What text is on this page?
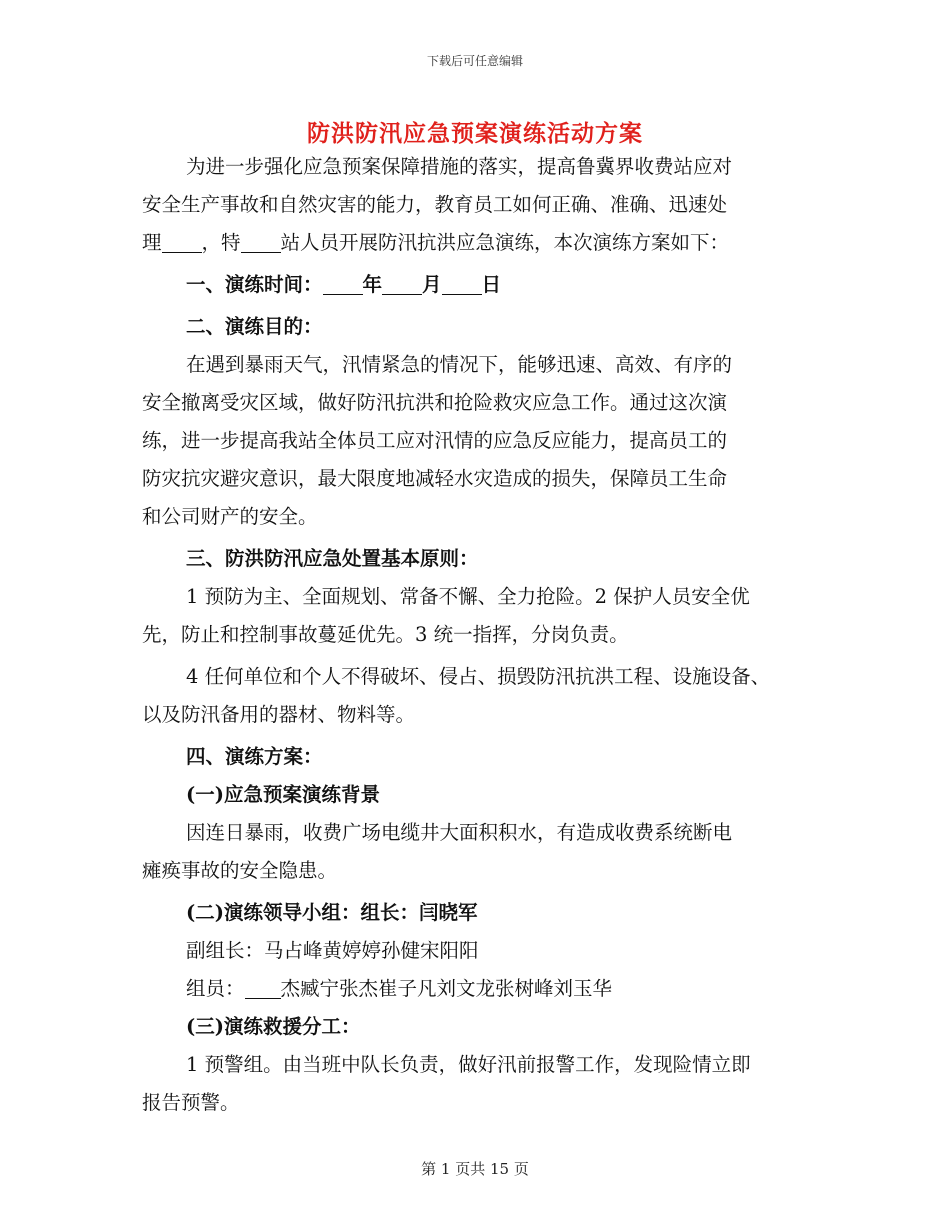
下载后可任意编辑
防洪防汛应急预案演练活动方案
为进一步强化应急预案保障措施的落实，提高鲁冀界收费站应对
安全生产事故和自然灾害的能力，教育员工如何正确、准确、迅速处
理 ，特 站人员开展防汛抗洪应急演练，本次演练方案如下：
一、演练时间： 年 月 日
二、演练目的：
在遇到暴雨天气，汛情紧急的情况下，能够迅速、高效、有序的
安全撤离受灾区域，做好防汛抗洪和抢险救灾应急工作。通过这次演
练，进一步提高我站全体员工应对汛情的应急反应能力，提高员工的
防灾抗灾避灾意识，最大限度地减轻水灾造成的损失，保障员工生命
和公司财产的安全。
三、防洪防汛应急处置基本原则：
1 预防为主、全面规划、常备不懈、全力抢险。2 保护人员安全优
先，防止和控制事故蔓延优先。3 统一指挥，分岗负责。
4 任何单位和个人不得破坏、侵占、损毁防汛抗洪工程、设施设备、
以及防汛备用的器材、物料等。
四、演练方案：
(一)应急预案演练背景
因连日暴雨，收费广场电缆井大面积积水，有造成收费系统断电
瘫痪事故的安全隐患。
(二)演练领导小组：组长：闫晓军
副组长：马占峰黄婷婷孙健宋阳阳
组员： 杰臧宁张杰崔子凡刘文龙张树峰刘玉华
(三)演练救援分工：
1 预警组。由当班中队长负责，做好汛前报警工作，发现险情立即
报告预警。
第 1 页共 15 页
